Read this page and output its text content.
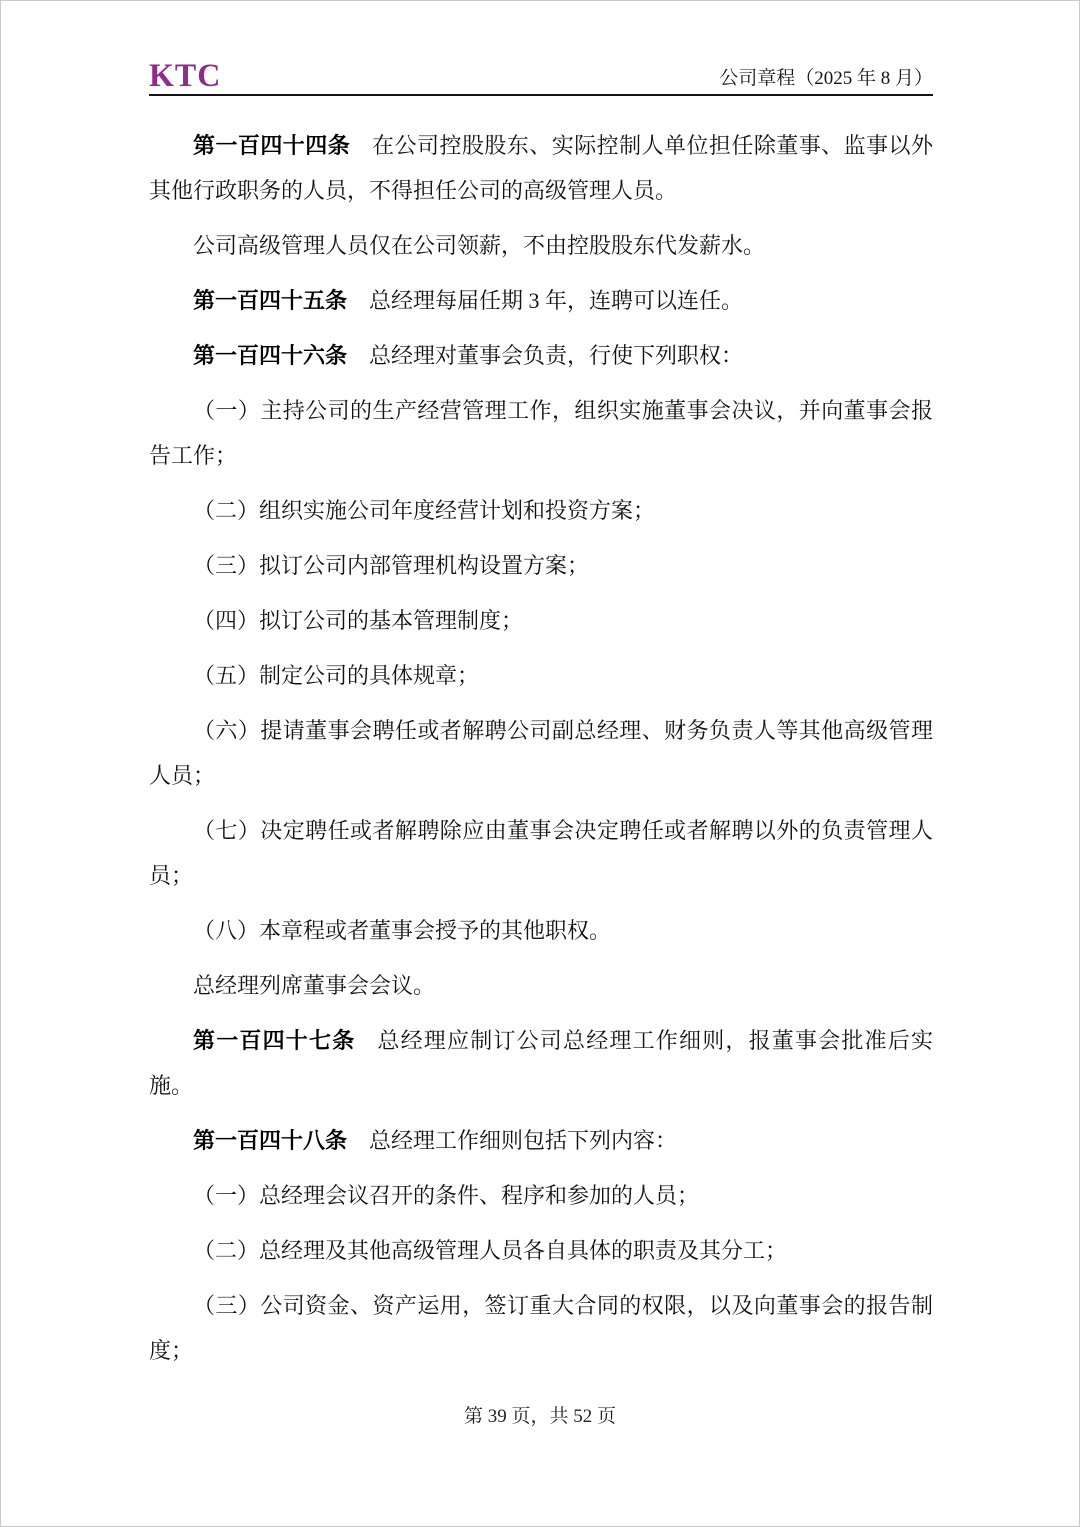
KTC	公司章程（2025 年 8 月）

第一百四十四条 在公司控股股东、实际控制人单位担任除董事、监事以外其他行政职务的人员，不得担任公司的高级管理人员。

公司高级管理人员仅在公司领薪，不由控股股东代发薪水。

第一百四十五条 总经理每届任期 3 年，连聘可以连任。

第一百四十六条 总经理对董事会负责，行使下列职权：

（一）主持公司的生产经营管理工作，组织实施董事会决议，并向董事会报告工作；

（二）组织实施公司年度经营计划和投资方案；

（三）拟订公司内部管理机构设置方案；

（四）拟订公司的基本管理制度；

（五）制定公司的具体规章；

（六）提请董事会聘任或者解聘公司副总经理、财务负责人等其他高级管理人员；

（七）决定聘任或者解聘除应由董事会决定聘任或者解聘以外的负责管理人员；

（八）本章程或者董事会授予的其他职权。

总经理列席董事会会议。

第一百四十七条 总经理应制订公司总经理工作细则，报董事会批准后实施。

第一百四十八条 总经理工作细则包括下列内容：

（一）总经理会议召开的条件、程序和参加的人员；

（二）总经理及其他高级管理人员各自具体的职责及其分工；

（三）公司资金、资产运用，签订重大合同的权限，以及向董事会的报告制度；

第 39 页，共 52 页
